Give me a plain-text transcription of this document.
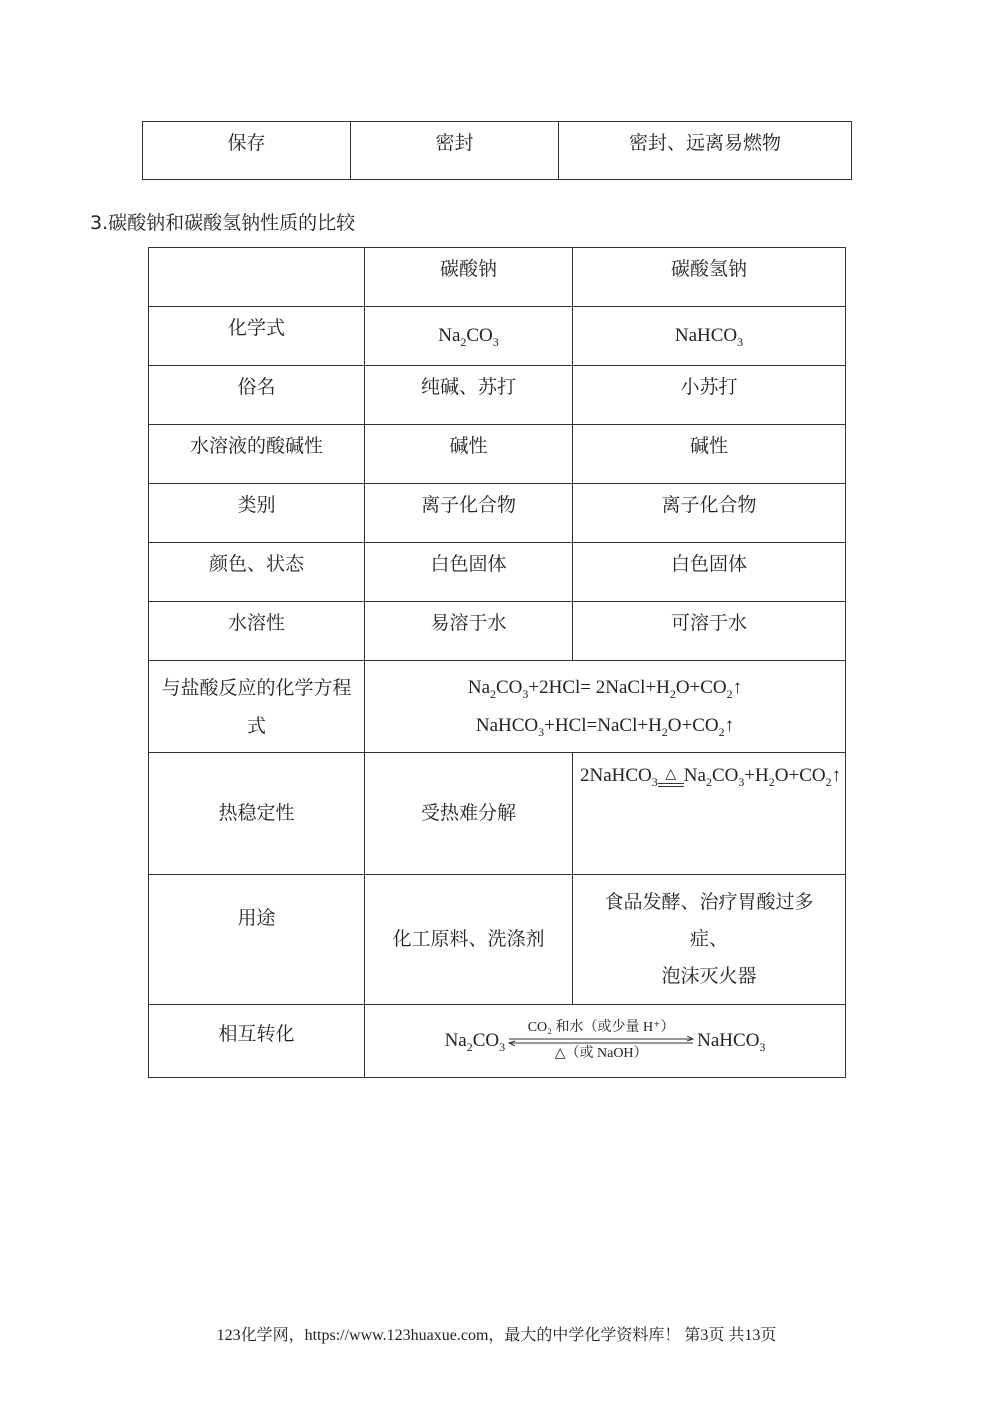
保存	密封	密封、远离易燃物
3.碳酸钠和碳酸氢钠性质的比较
	碳酸钠	碳酸氢钠
化学式	$Na_2CO_3$	NaHCO$_3$
俗名	纯碱、苏打	小苏打
水溶液的酸碱性	碱性	碱性
类别	离子化合物	离子化合物
颜色、状态	白色固体	白色固体
水溶性	易溶于水	可溶于水
与盐酸反应的化学方程式	$Na_2CO_3+2HCl=$ $2NaCl+H_2O+CO_2↑$
$NaHCO_3+HCl=NaCl+H_2O+CO_2↑$	

热稳定性	受热难分解	2NaHCO$_3$ △ $Na_2CO_3+H_2O+CO_2↑$
用途	化工原料、洗涤剂	食品发酵、治疗胃酸过多症、
泡沫灭火器

相互转化	$Na_2CO_3$
CO₂ 和水（或少量 H⁺）
△（或 NaOH）
NaHCO$_3$
123化学网，https://www.123huaxue.com，最大的中学化学资料库！ 第3页 共13页
